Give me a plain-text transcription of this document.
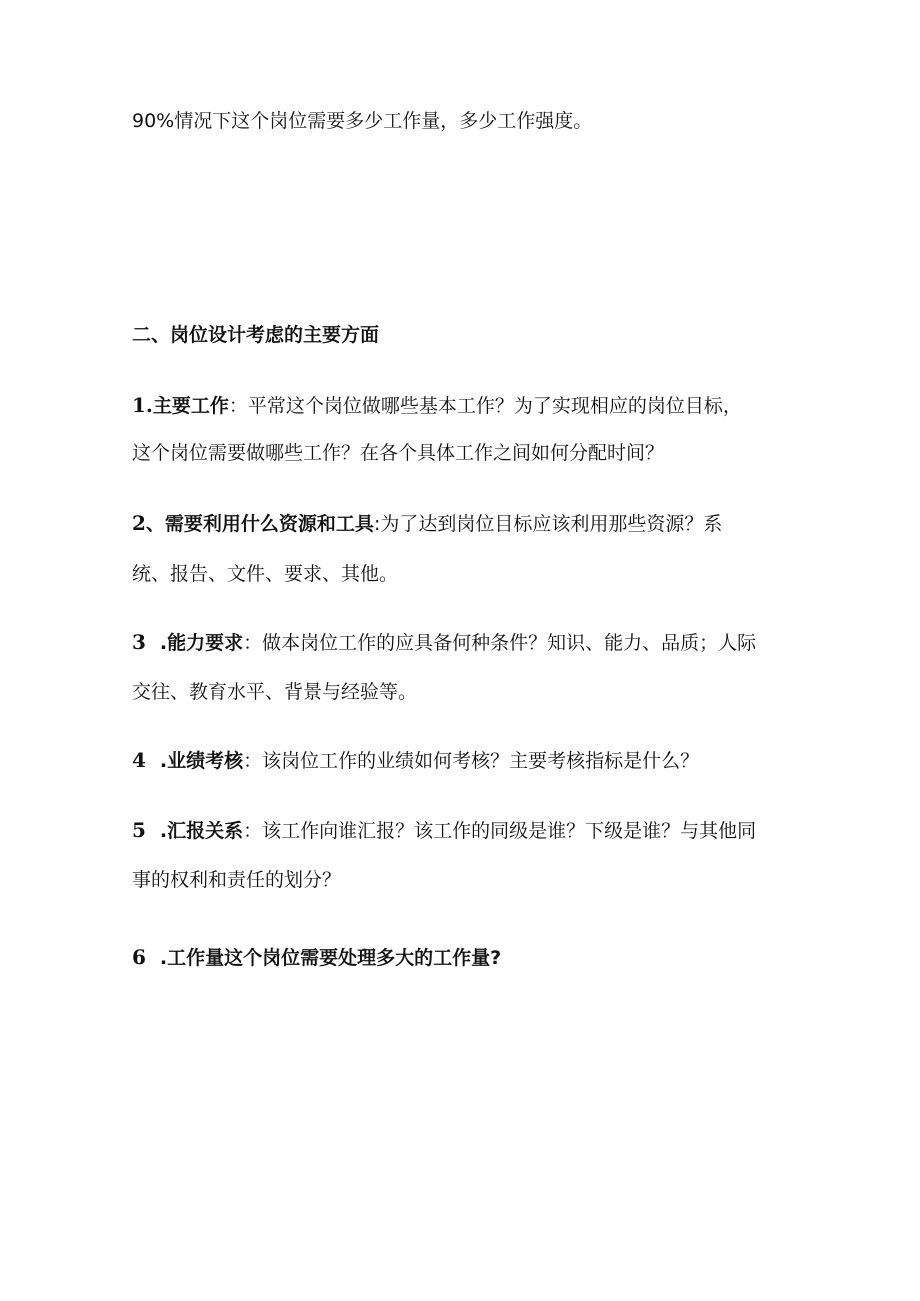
90%情况下这个岗位需要多少工作量，多少工作强度。
二、岗位设计考虑的主要方面
1.主要工作：平常这个岗位做哪些基本工作？为了实现相应的岗位目标，
这个岗位需要做哪些工作？在各个具体工作之间如何分配时间？
2、需要利用什么资源和工具:为了达到岗位目标应该利用那些资源？系
统、报告、文件、要求、其他。
3 .能力要求：做本岗位工作的应具备何种条件？知识、能力、品质；人际
交往、教育水平、背景与经验等。
4 .业绩考核：该岗位工作的业绩如何考核？主要考核指标是什么？
5 .汇报关系：该工作向谁汇报？该工作的同级是谁？下级是谁？与其他同
事的权利和责任的划分？
6 .工作量这个岗位需要处理多大的工作量?
